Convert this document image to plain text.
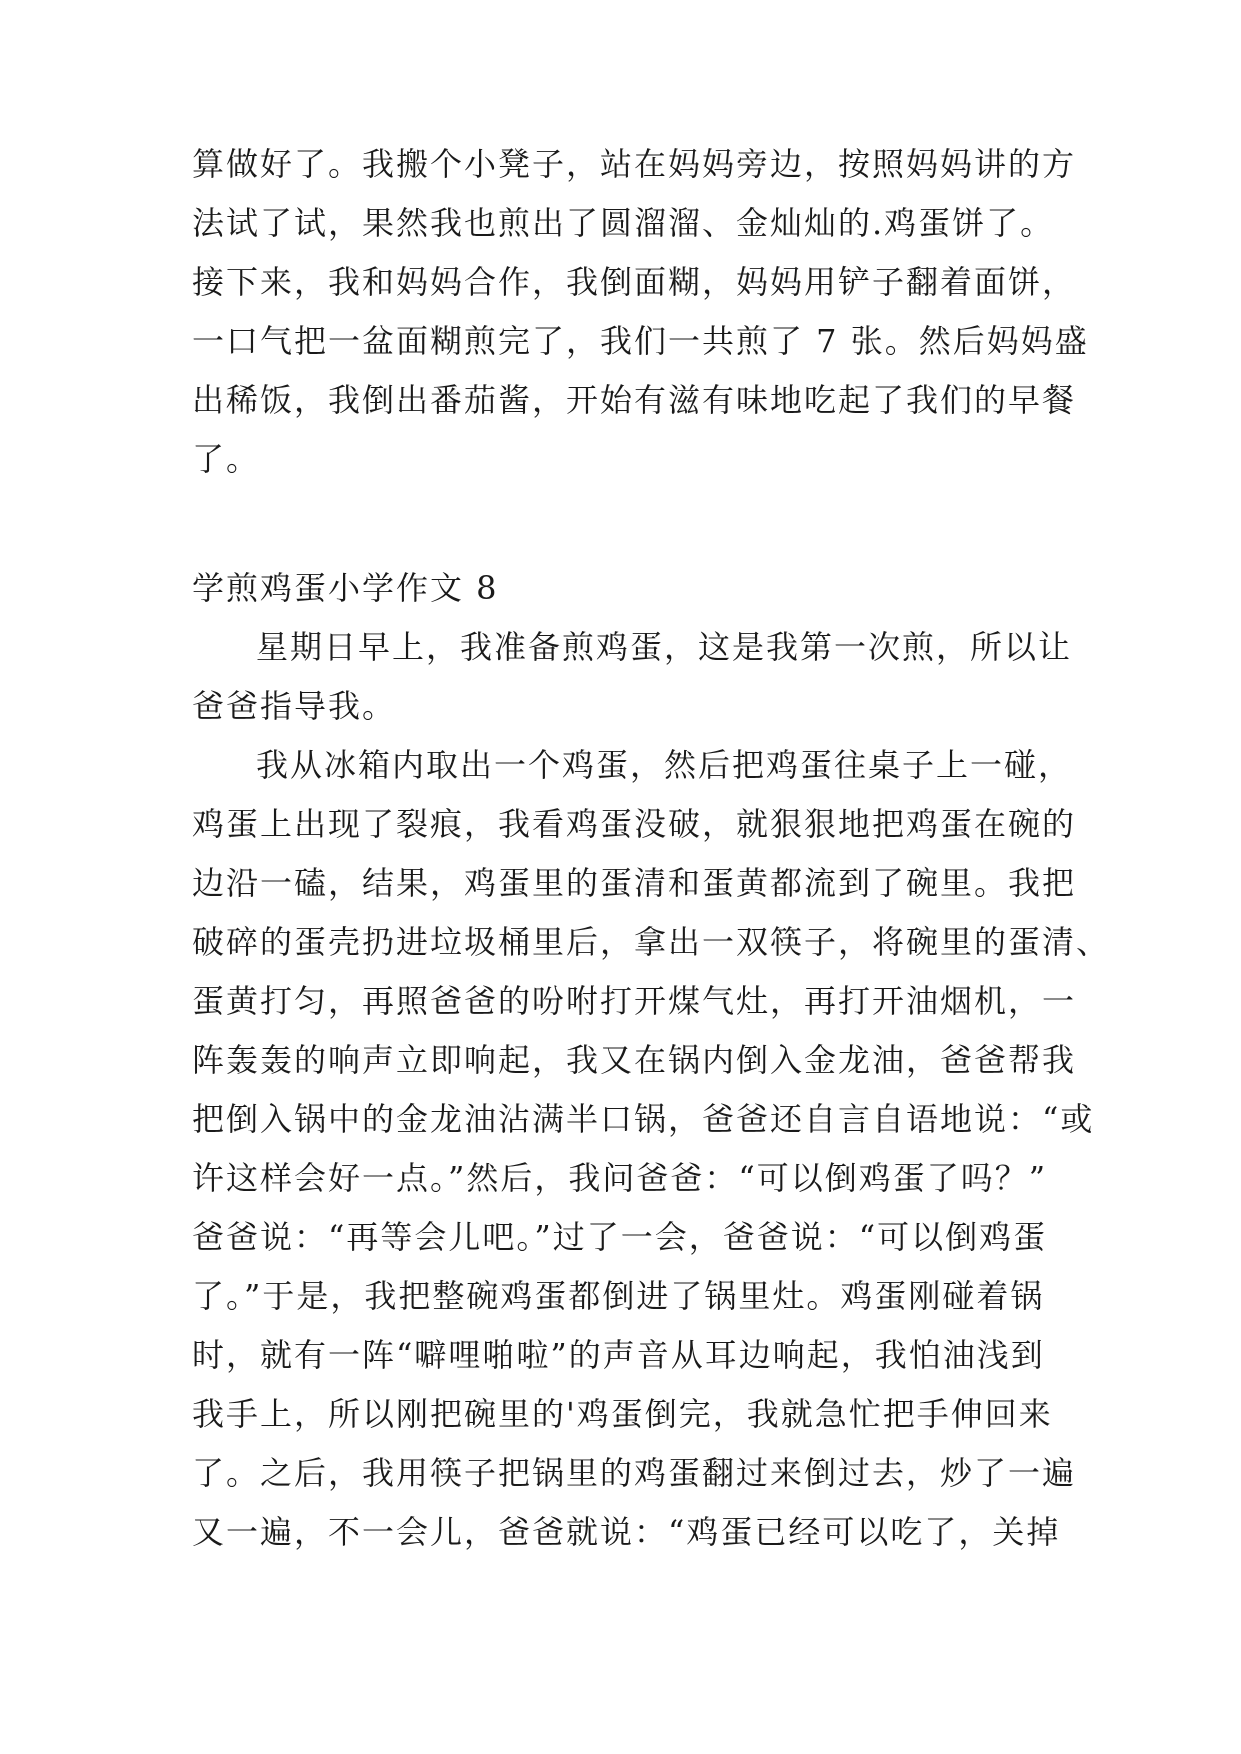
算做好了。我搬个小凳子，站在妈妈旁边，按照妈妈讲的方
法试了试，果然我也煎出了圆溜溜、金灿灿的.鸡蛋饼了。
接下来，我和妈妈合作，我倒面糊，妈妈用铲子翻着面饼，
一口气把一盆面糊煎完了，我们一共煎了 7 张。然后妈妈盛
出稀饭，我倒出番茄酱，开始有滋有味地吃起了我们的早餐
了。
学煎鸡蛋小学作文 8
星期日早上，我准备煎鸡蛋，这是我第一次煎，所以让
爸爸指导我。
我从冰箱内取出一个鸡蛋，然后把鸡蛋往桌子上一碰，
鸡蛋上出现了裂痕，我看鸡蛋没破，就狠狠地把鸡蛋在碗的
边沿一磕，结果，鸡蛋里的蛋清和蛋黄都流到了碗里。我把
破碎的蛋壳扔进垃圾桶里后，拿出一双筷子，将碗里的蛋清、
蛋黄打匀，再照爸爸的吩咐打开煤气灶，再打开油烟机，一
阵轰轰的响声立即响起，我又在锅内倒入金龙油，爸爸帮我
把倒入锅中的金龙油沾满半口锅，爸爸还自言自语地说：“或
许这样会好一点。”然后，我问爸爸：“可以倒鸡蛋了吗？”
爸爸说：“再等会儿吧。”过了一会，爸爸说：“可以倒鸡蛋
了。”于是，我把整碗鸡蛋都倒进了锅里灶。鸡蛋刚碰着锅
时，就有一阵“噼哩啪啦”的声音从耳边响起，我怕油浅到
我手上，所以刚把碗里的'鸡蛋倒完，我就急忙把手伸回来
了。之后，我用筷子把锅里的鸡蛋翻过来倒过去，炒了一遍
又一遍，不一会儿，爸爸就说：“鸡蛋已经可以吃了，关掉
